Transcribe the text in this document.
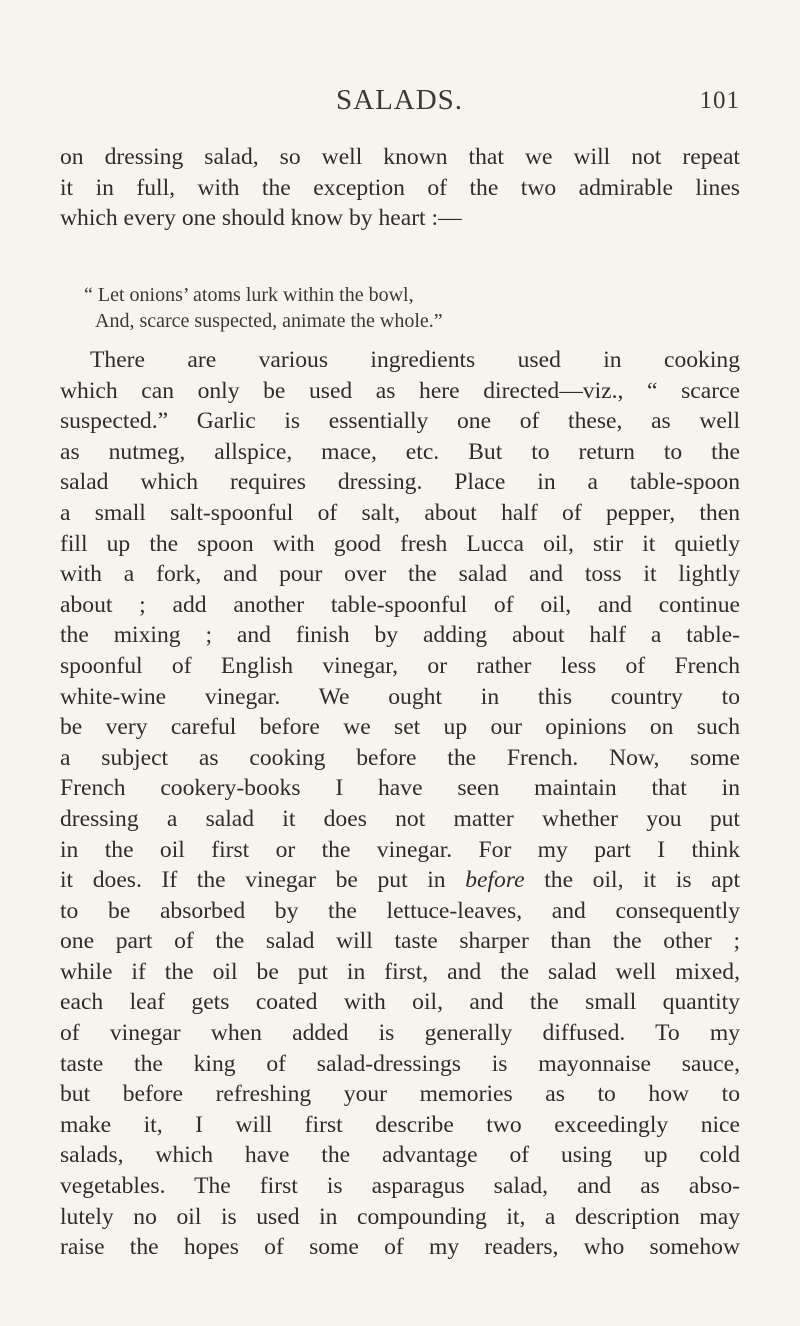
SALADS.	101
on dressing salad, so well known that we will not repeat
it in full, with the exception of the two admirable lines
which every one should know by heart :—
“ Let onions’ atoms lurk within the bowl,
And, scarce suspected, animate the whole.”
There are various ingredients used in cooking
which can only be used as here directed—viz., “ scarce
suspected.” Garlic is essentially one of these, as well
as nutmeg, allspice, mace, etc. But to return to the
salad which requires dressing. Place in a table-spoon
a small salt-spoonful of salt, about half of pepper, then
fill up the spoon with good fresh Lucca oil, stir it quietly
with a fork, and pour over the salad and toss it lightly
about ; add another table-spoonful of oil, and continue
the mixing ; and finish by adding about half a table-
spoonful of English vinegar, or rather less of French
white-wine vinegar. We ought in this country to
be very careful before we set up our opinions on such
a subject as cooking before the French. Now, some
French cookery-books I have seen maintain that in
dressing a salad it does not matter whether you put
in the oil first or the vinegar. For my part I think
it does. If the vinegar be put in before the oil, it is apt
to be absorbed by the lettuce-leaves, and consequently
one part of the salad will taste sharper than the other ;
while if the oil be put in first, and the salad well mixed,
each leaf gets coated with oil, and the small quantity
of vinegar when added is generally diffused. To my
taste the king of salad-dressings is mayonnaise sauce,
but before refreshing your memories as to how to
make it, I will first describe two exceedingly nice
salads, which have the advantage of using up cold
vegetables. The first is asparagus salad, and as abso-
lutely no oil is used in compounding it, a description may
raise the hopes of some of my readers, who somehow
